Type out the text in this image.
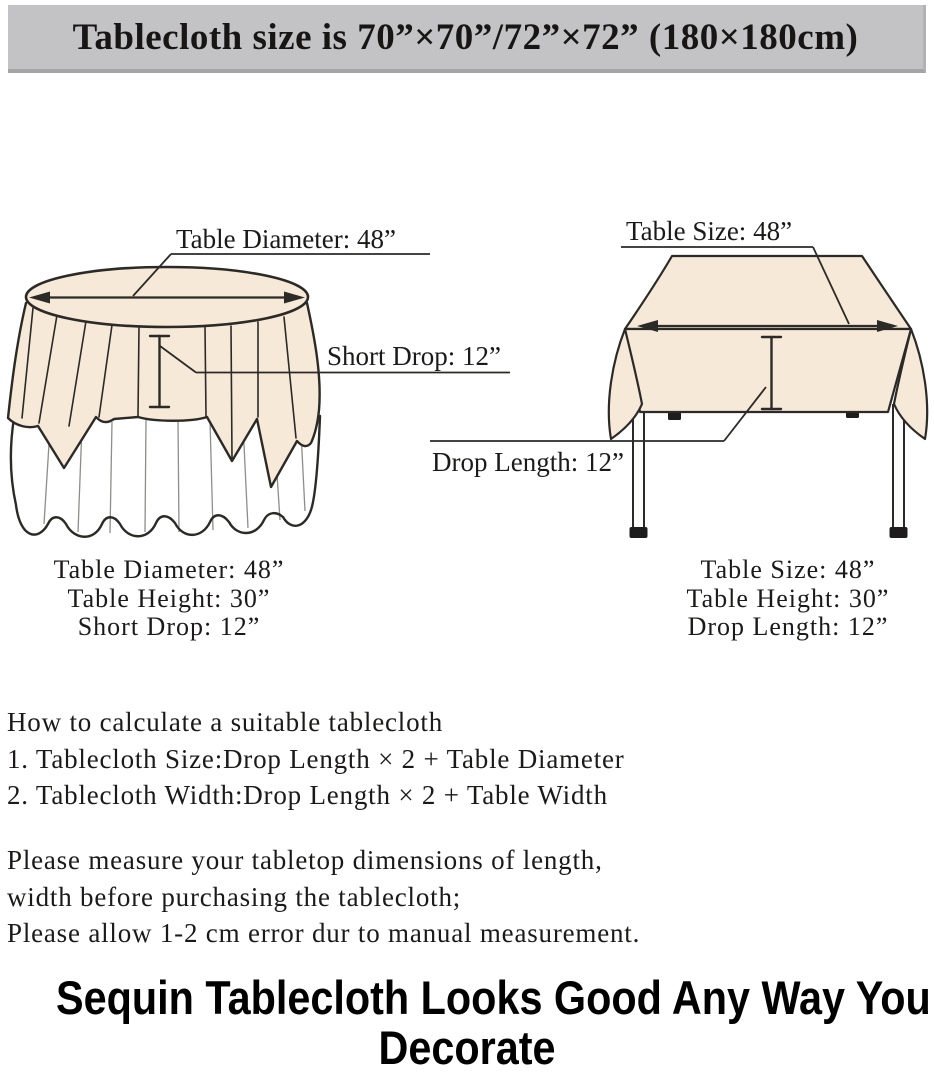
Tablecloth size is 70”×70”/72”×72” (180×180cm)
Table Diameter: 48”
Short Drop: 12”
Table Size: 48”
Drop Length: 12”
Table Diameter: 48”
Table Height: 30”
Short Drop: 12”
Table Size: 48”
Table Height: 30”
Drop Length: 12”
How to calculate a suitable tablecloth
1. Tablecloth Size:Drop Length × 2 + Table Diameter
2. Tablecloth Width:Drop Length × 2 + Table Width
Please measure your tabletop dimensions of length,
width before purchasing the tablecloth;
Please allow 1-2 cm error dur to manual measurement.
Sequin Tablecloth Looks Good Any Way You
Decorate
